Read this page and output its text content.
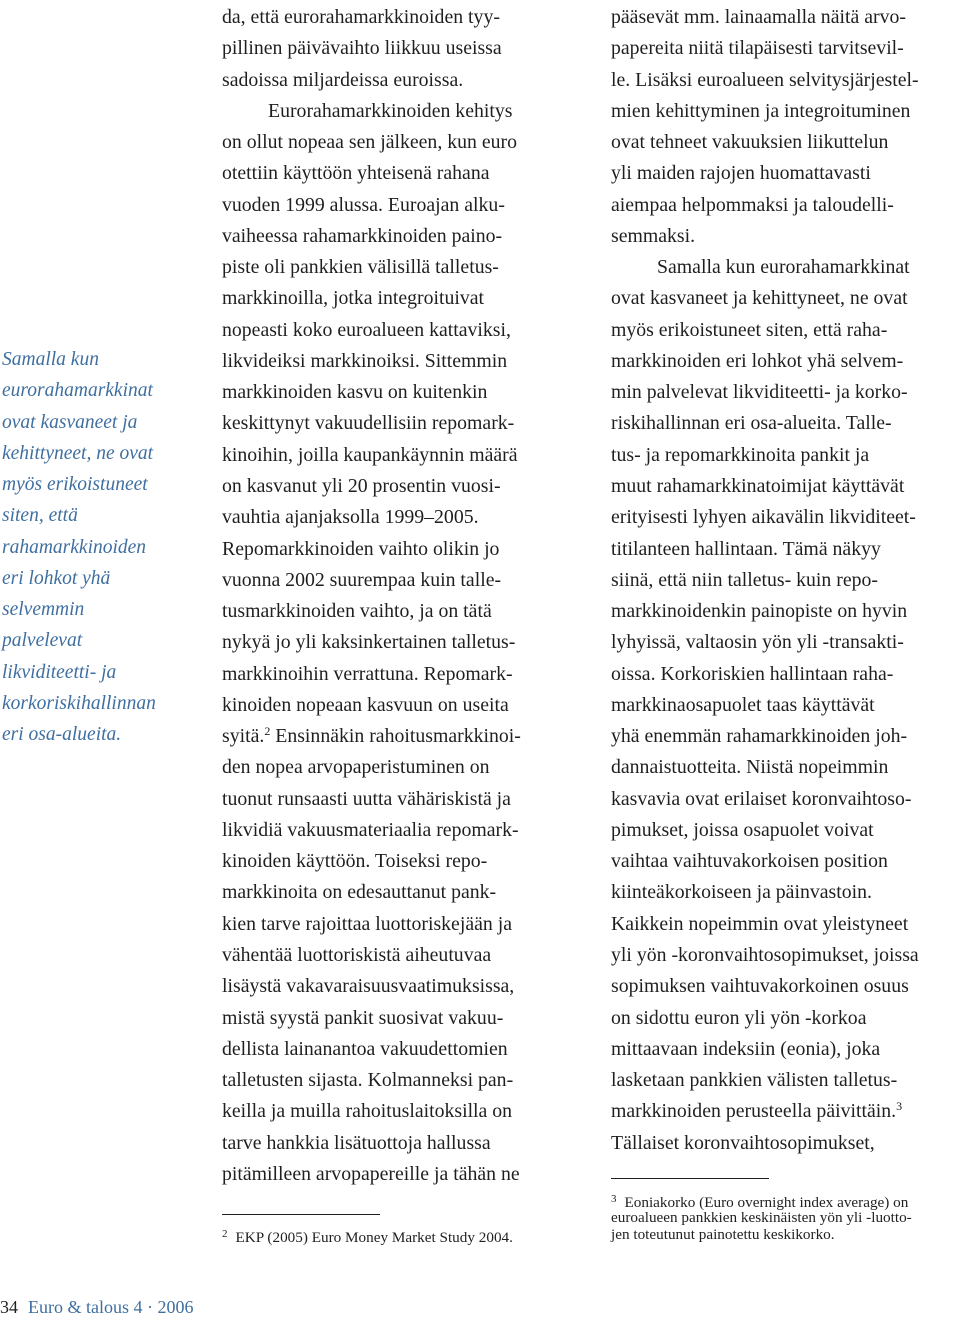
Samalla kun
eurorahamarkkinat
ovat kasvaneet ja
kehittyneet, ne ovat
myös erikoistuneet
siten, että
rahamarkkinoiden
eri lohkot yhä
selvemmin
palvelevat
likviditeetti- ja
korkoriskihallinnan
eri osa-alueita.
da, että eurorahamarkkinoiden tyy-
pillinen päivävaihto liikkuu useissa
sadoissa miljardeissa euroissa.
Eurorahamarkkinoiden kehitys
on ollut nopeaa sen jälkeen, kun euro
otettiin käyttöön yhteisenä rahana
vuoden 1999 alussa. Euroajan alku-
vaiheessa rahamarkkinoiden paino-
piste oli pankkien välisillä talletus-
markkinoilla, jotka integroituivat
nopeasti koko euroalueen kattaviksi,
likvideiksi markkinoiksi. Sittemmin
markkinoiden kasvu on kuitenkin
keskittynyt vakuudellisiin repomark-
kinoihin, joilla kaupankäynnin määrä
on kasvanut yli 20 prosentin vuosi-
vauhtia ajanjaksolla 1999–2005.
Repomarkkinoiden vaihto olikin jo
vuonna 2002 suurempaa kuin talle-
tusmarkkinoiden vaihto, ja on tätä
nykyä jo yli kaksinkertainen talletus-
markkinoihin verrattuna. Repomark-
kinoiden nopeaan kasvuun on useita
syitä.$^2$ Ensinnäkin rahoitusmarkkinoi-
den nopea arvopaperistuminen on
tuonut runsaasti uutta vähäriskistä ja
likvidiä vakuusmateriaalia repomark-
kinoiden käyttöön. Toiseksi repo-
markkinoita on edesauttanut pank-
kien tarve rajoittaa luottoriskejään ja
vähentää luottoriskistä aiheutuvaa
lisäystä vakavaraisuusvaatimuksissa,
mistä syystä pankit suosivat vakuu-
dellista lainanantoa vakuudettomien
talletusten sijasta. Kolmanneksi pan-
keilla ja muilla rahoituslaitoksilla on
tarve hankkia lisätuottoja hallussa
pitämilleen arvopapereille ja tähän ne
pääsevät mm. lainaamalla näitä arvo-
papereita niitä tilapäisesti tarvitsevil-
le. Lisäksi euroalueen selvitysjärjestel-
mien kehittyminen ja integroituminen
ovat tehneet vakuuksien liikuttelun
yli maiden rajojen huomattavasti
aiempaa helpommaksi ja taloudelli-
semmaksi.
Samalla kun eurorahamarkkinat
ovat kasvaneet ja kehittyneet, ne ovat
myös erikoistuneet siten, että raha-
markkinoiden eri lohkot yhä selvem-
min palvelevat likviditeetti- ja korko-
riskihallinnan eri osa-alueita. Talle-
tus- ja repomarkkinoita pankit ja
muut rahamarkkinatoimijat käyttävät
erityisesti lyhyen aikavälin likviditeet-
titilanteen hallintaan. Tämä näkyy
siinä, että niin talletus- kuin repo-
markkinoidenkin painopiste on hyvin
lyhyissä, valtaosin yön yli -transakti-
oissa. Korkoriskien hallintaan raha-
markkinaosapuolet taas käyttävät
yhä enemmän rahamarkkinoiden joh-
dannaistuotteita. Niistä nopeimmin
kasvavia ovat erilaiset koronvaihtoso-
pimukset, joissa osapuolet voivat
vaihtaa vaihtuvakorkoisen position
kiinteäkorkoiseen ja päinvastoin.
Kaikkein nopeimmin ovat yleistyneet
yli yön -koronvaihtosopimukset, joissa
sopimuksen vaihtuvakorkoinen osuus
on sidottu euron yli yön -korkoa
mittaavaan indeksiin (eonia), joka
lasketaan pankkien välisten talletus-
markkinoiden perusteella päivittäin.$^3$
Tällaiset koronvaihtosopimukset,
$^2$ EKP (2005) Euro Money Market Study 2004.
$^3$ Eoniakorko (Euro overnight index average) on
euroalueen pankkien keskinäisten yön yli -luotto-
jen toteutunut painotettu keskikorko.
34 Euro & talous 4 · 2006
